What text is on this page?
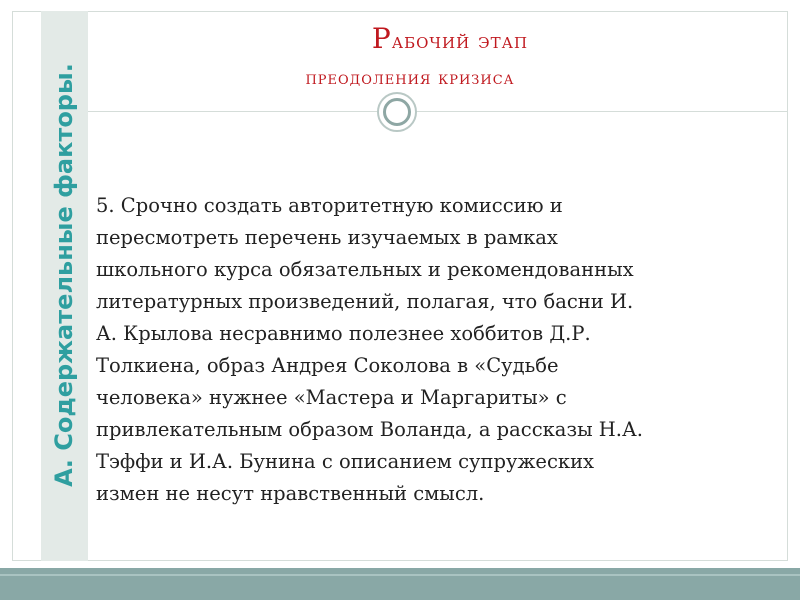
А. Содержательные факторы.
Рабочий этап
преодоления кризиса
5. Срочно создать авторитетную комиссию и
пересмотреть перечень изучаемых в рамках
школьного курса обязательных и рекомендованных
литературных произведений, полагая, что басни И.
А. Крылова несравнимо полезнее хоббитов Д.Р.
Толкиена, образ Андрея Соколова в «Судьбе
человека» нужнее «Мастера и Маргариты» с
привлекательным образом Воланда, а рассказы Н.А.
Тэффи и И.А. Бунина с описанием супружеских
измен не несут нравственный смысл.
